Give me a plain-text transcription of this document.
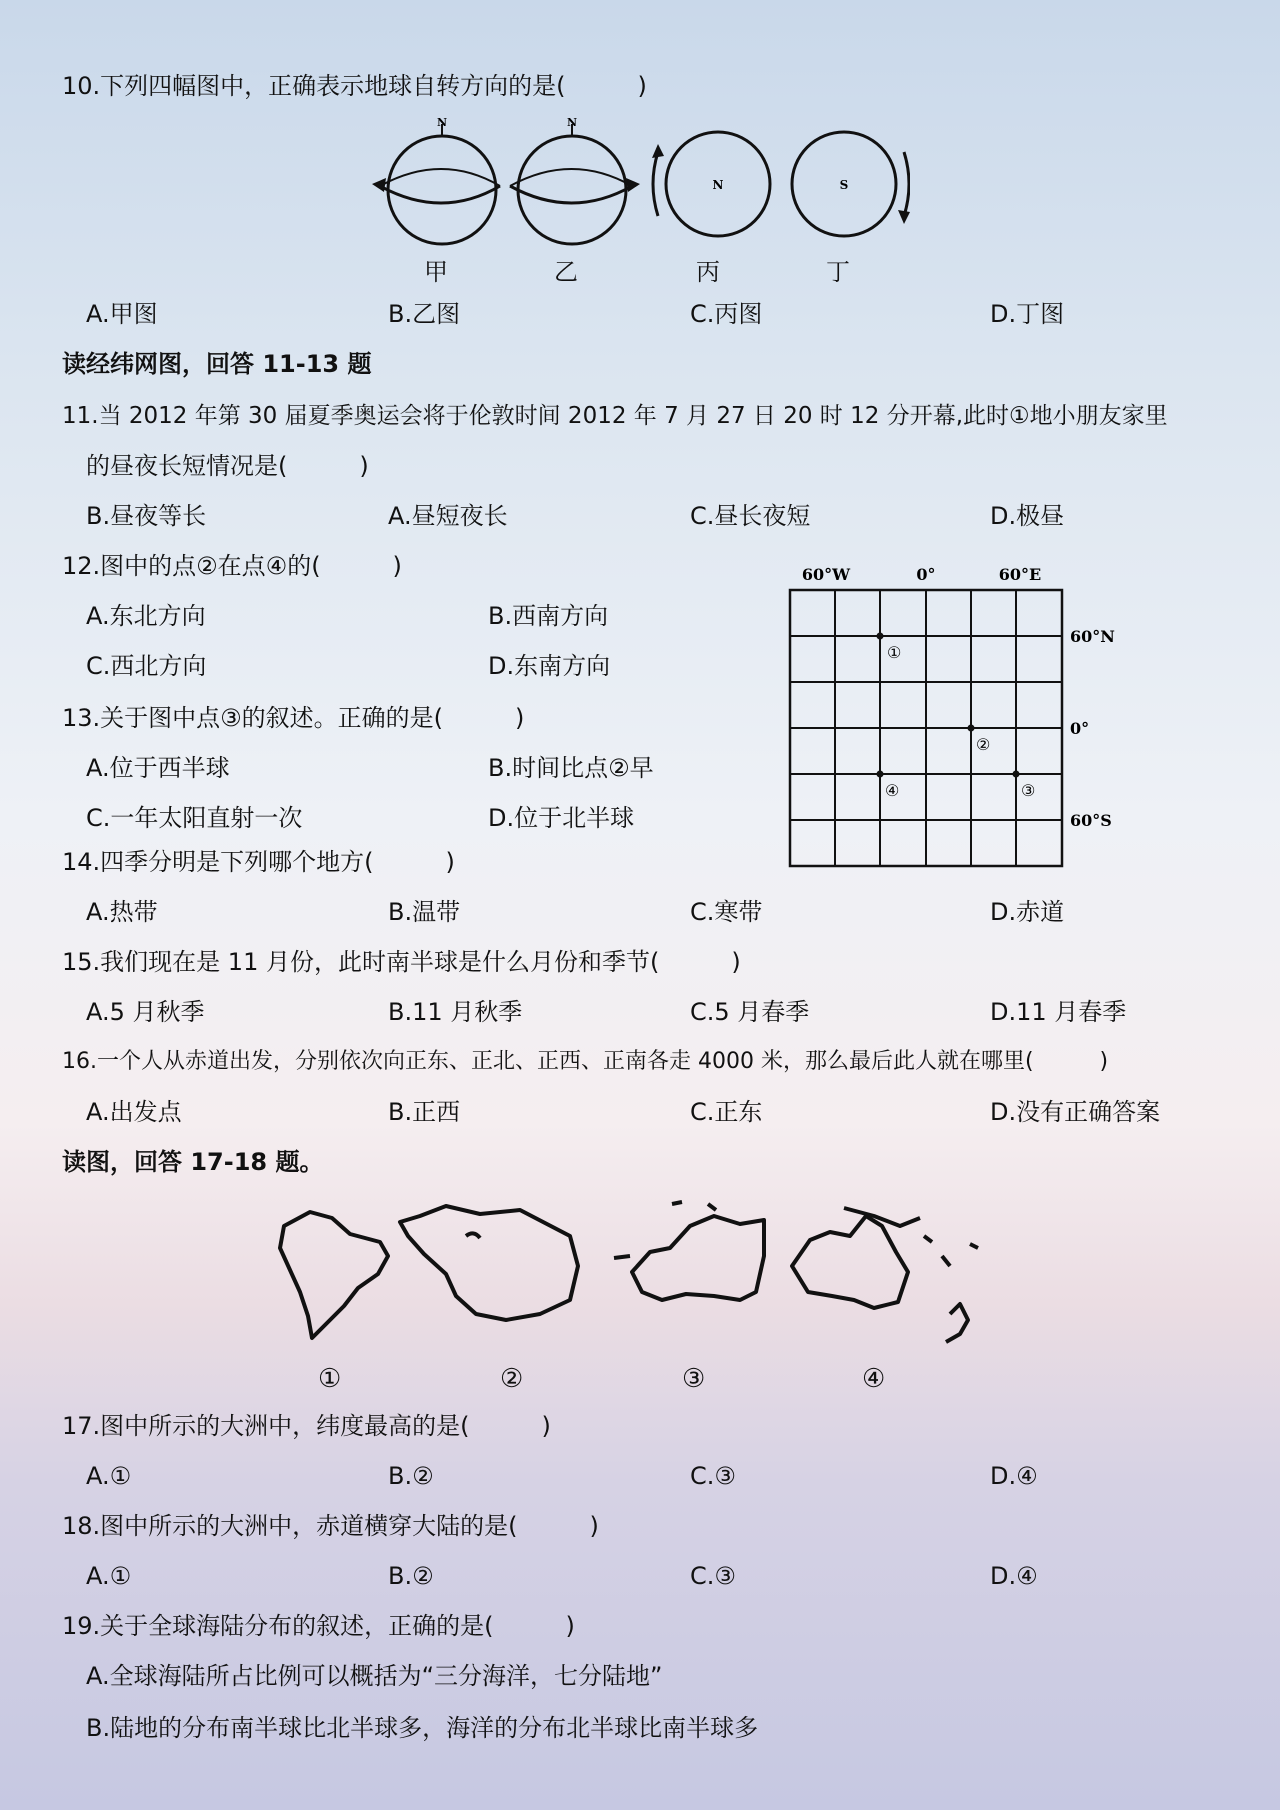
10.下列四幅图中，正确表示地球自转方向的是(　　　)
N	N
N	S
甲	乙	丙	丁
A.甲图	B.乙图	C.丙图	D.丁图
读经纬网图，回答 11-13 题
11.当 2012 年第 30 届夏季奥运会将于伦敦时间 2012 年 7 月 27 日 20 时 12 分开幕,此时①地小朋友家里
的昼夜长短情况是(　　　)
B.昼夜等长	A.昼短夜长	C.昼长夜短	D.极昼
12.图中的点②在点④的(　　　)
A.东北方向	B.西南方向
C.西北方向	D.东南方向
60°W	0°	60°E
60°N
0°
60°S
①
②
③
④
13.关于图中点③的叙述。正确的是(　　　)
A.位于西半球	B.时间比点②早
C.一年太阳直射一次	D.位于北半球
14.四季分明是下列哪个地方(　　　)
A.热带	B.温带	C.寒带	D.赤道
15.我们现在是 11 月份，此时南半球是什么月份和季节(　　　)
A.5 月秋季	B.11 月秋季	C.5 月春季	D.11 月春季
16.一个人从赤道出发，分别依次向正东、正北、正西、正南各走 4000 米，那么最后此人就在哪里(　　　)
A.出发点	B.正西	C.正东	D.没有正确答案
读图，回答 17-18 题。
①	②	③	④
17.图中所示的大洲中，纬度最高的是(　　　)
A.①	B.②	C.③	D.④
18.图中所示的大洲中，赤道横穿大陆的是(　　　)
A.①	B.②	C.③	D.④
19.关于全球海陆分布的叙述，正确的是(　　　)
A.全球海陆所占比例可以概括为“三分海洋，七分陆地”
B.陆地的分布南半球比北半球多，海洋的分布北半球比南半球多
